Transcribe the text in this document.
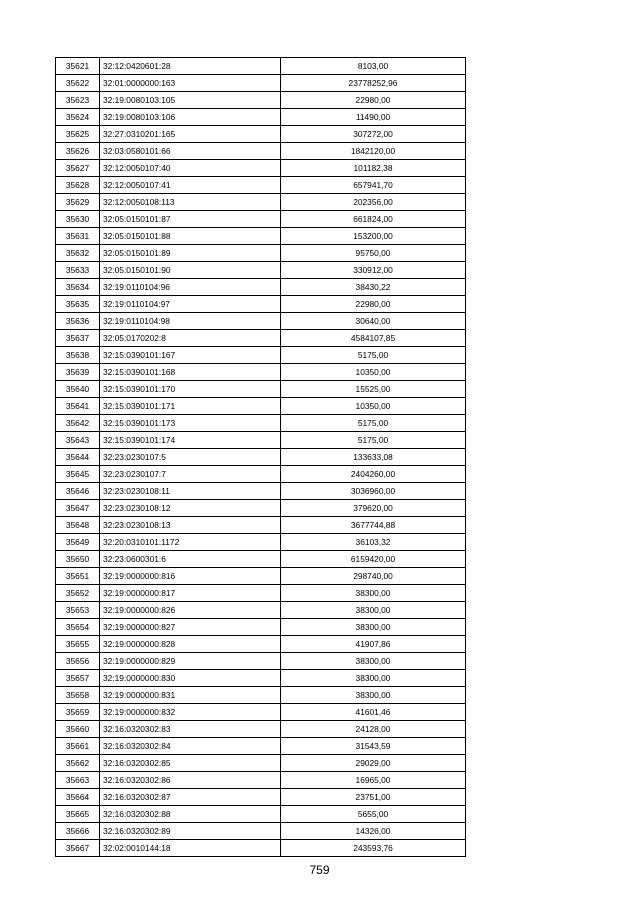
35621	32:12:0420601:28	8103,00
35622	32:01:0000000:163	23778252,96
35623	32:19:0080103:105	22980,00
35624	32:19:0080103:106	11490,00
35625	32:27:0310201:165	307272,00
35626	32:03:0580101:66	1842120,00
35627	32:12:0050107:40	101182,38
35628	32:12:0050107:41	657941,70
35629	32:12:0050108:113	202356,00
35630	32:05:0150101:87	661824,00
35631	32:05:0150101:88	153200,00
35632	32:05:0150101:89	95750,00
35633	32:05:0150101:90	330912,00
35634	32:19:0110104:96	38430,22
35635	32:19:0110104:97	22980,00
35636	32:19:0110104:98	30640,00
35637	32:05:0170202:8	4584107,85
35638	32:15:0390101:167	5175,00
35639	32:15:0390101:168	10350,00
35640	32:15:0390101:170	15525,00
35641	32:15:0390101:171	10350,00
35642	32:15:0390101:173	5175,00
35643	32:15:0390101:174	5175,00
35644	32:23:0230107:5	133633,08
35645	32:23:0230107:7	2404260,00
35646	32:23:0230108:11	3036960,00
35647	32:23:0230108:12	379620,00
35648	32:23:0230108:13	3677744,88
35649	32:20:0310101:1172	36103,32
35650	32:23:0600301:6	6159420,00
35651	32:19:0000000:816	298740,00
35652	32:19:0000000:817	38300,00
35653	32:19:0000000:826	38300,00
35654	32:19:0000000:827	38300,00
35655	32:19:0000000:828	41907,86
35656	32:19:0000000:829	38300,00
35657	32:19:0000000:830	38300,00
35658	32:19:0000000:831	38300,00
35659	32:19:0000000:832	41601,46
35660	32:16:0320302:83	24128,00
35661	32:16:0320302:84	31543,59
35662	32:16:0320302:85	29029,00
35663	32:16:0320302:86	16965,00
35664	32:16:0320302:87	23751,00
35665	32:16:0320302:88	5655,00
35666	32:16:0320302:89	14326,00
35667	32:02:0010144:18	243593,76
759
